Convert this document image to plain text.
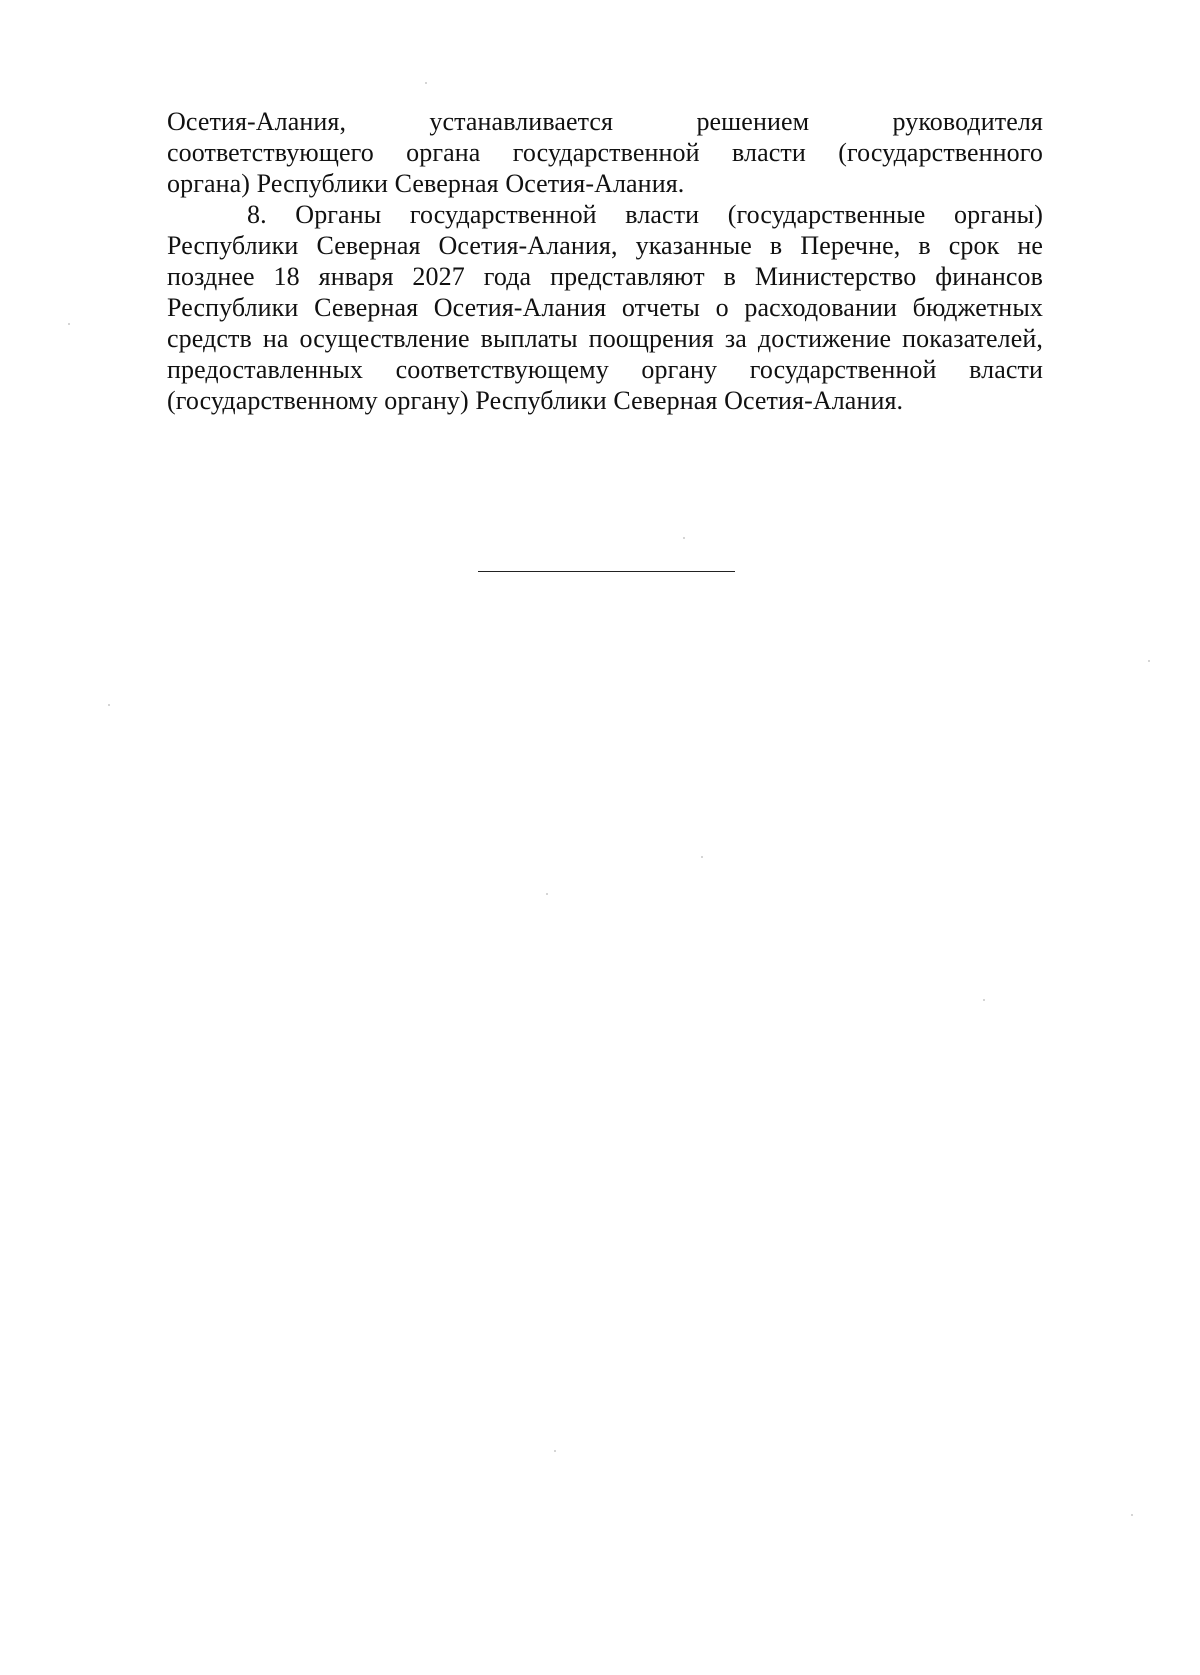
Осетия-Алания, устанавливается решением руководителя
соответствующего органа государственной власти (государственного
органа) Республики Северная Осетия-Алания.
8. Органы государственной власти (государственные органы)
Республики Северная Осетия-Алания, указанные в Перечне, в срок не
позднее 18 января 2027 года представляют в Министерство финансов
Республики Северная Осетия-Алания отчеты о расходовании бюджетных
средств на осуществление выплаты поощрения за достижение показателей,
предоставленных соответствующему органу государственной власти
(государственному органу) Республики Северная Осетия-Алания.
